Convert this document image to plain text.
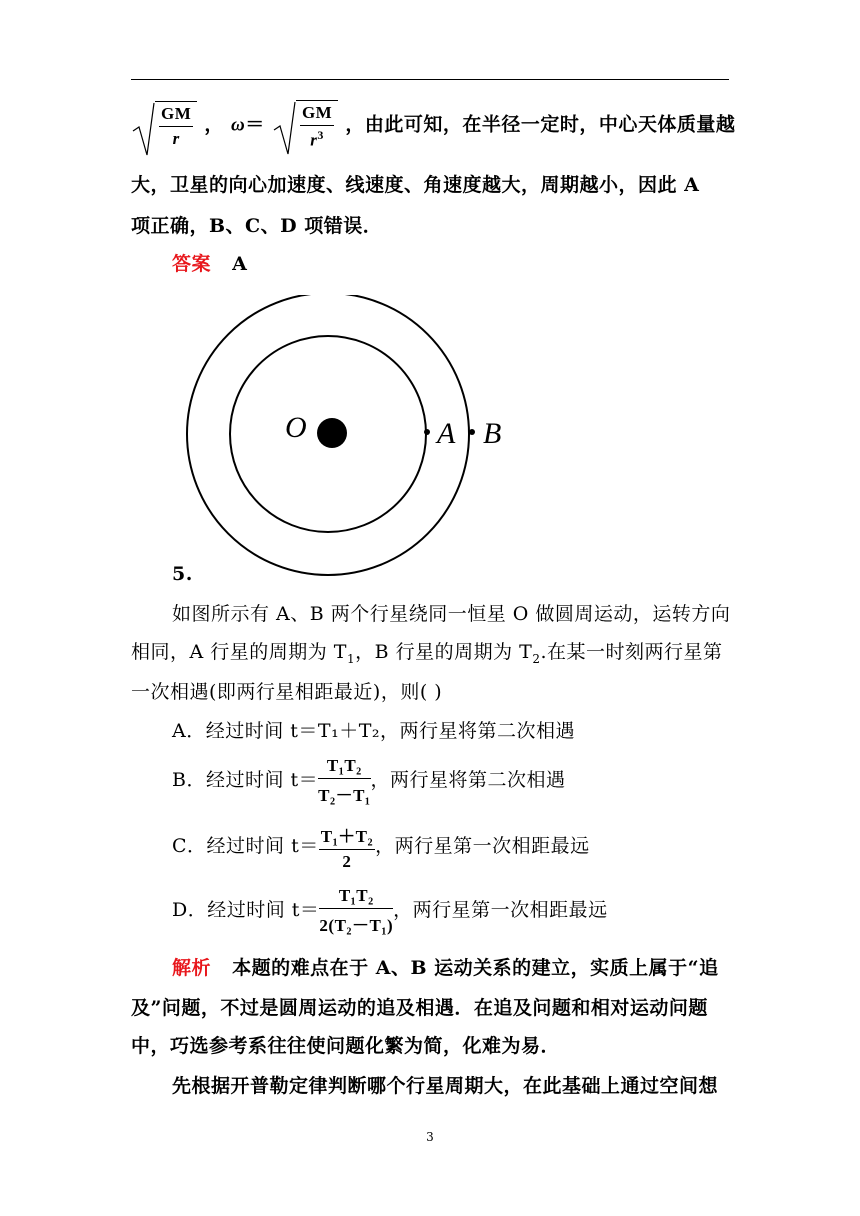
$\frac{GM}{r}$ ， $\omega= \frac{GM}{r^3}$ ，由此可知，在半径一定时，中心天体质量越
大，卫星的向心加速度、线速度、角速度越大，周期越小，因此 A
项正确，B、C、D 项错误．
答案 A
O	A B
5.
如图所示有 A、B 两个行星绕同一恒星 O 做圆周运动，运转方向
相同，A 行星的周期为 $T_1$，B 行星的周期为 $T_2$.在某一时刻两行星第
一次相遇(即两行星相距最近)，则( )
A．经过时间 t＝T₁＋T₂，两行星将第二次相遇
B．经过时间 $t= \frac{\text{T₁T₂}}{\text{T₂－T₁}}$ ，两行星将第二次相遇
C．经过时间 $t= \frac{\text{T₁＋T₂}}{2}$ ，两行星第一次相距最远
D．经过时间 $t= \frac{\text{T₁T₂}}{\text{2(T₂－T₁)}}$ ，两行星第一次相距最远
解析 本题的难点在于 A、B 运动关系的建立，实质上属于“追
及”问题，不过是圆周运动的追及相遇．在追及问题和相对运动问题
中，巧选参考系往往使问题化繁为简，化难为易．
先根据开普勒定律判断哪个行星周期大，在此基础上通过空间想
3
